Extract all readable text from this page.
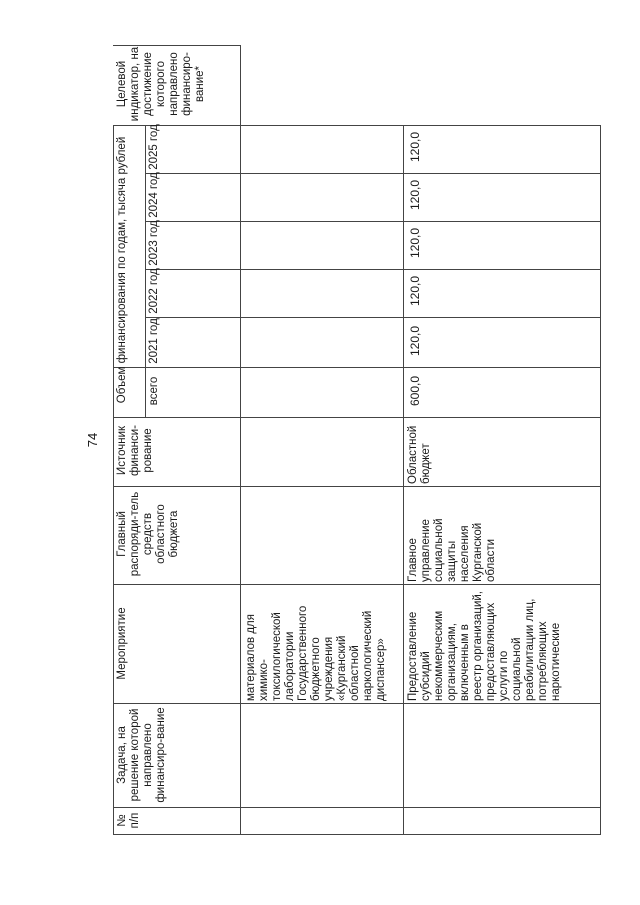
74
№ п/п
Задача, на решение которой направлено финансиро-вание
Мероприятие
Главный распоряди-тель средств областного бюджета
Источник финанси-рование
Объем финансирования по годам, тысяча рублей	всего
2021 год
2022 год
2023 год
2024 год
2025 год
Целевой индикатор, на достижение которого направлено финансиро-вание*
материалов для химико-токсилогической лаборатории Государственного бюджетного учреждения «Курганский областной наркологический диспансер»	Предоставление субсидий некоммерческим организациям, включенным в реестр организаций, предоставляющих услуги по социальной реабилитации лиц, потребляющих наркотические
Главное управление социальной защиты населения Курганской области
Областной бюджет
600,0
120,0
120,0
120,0
120,0
120,0
